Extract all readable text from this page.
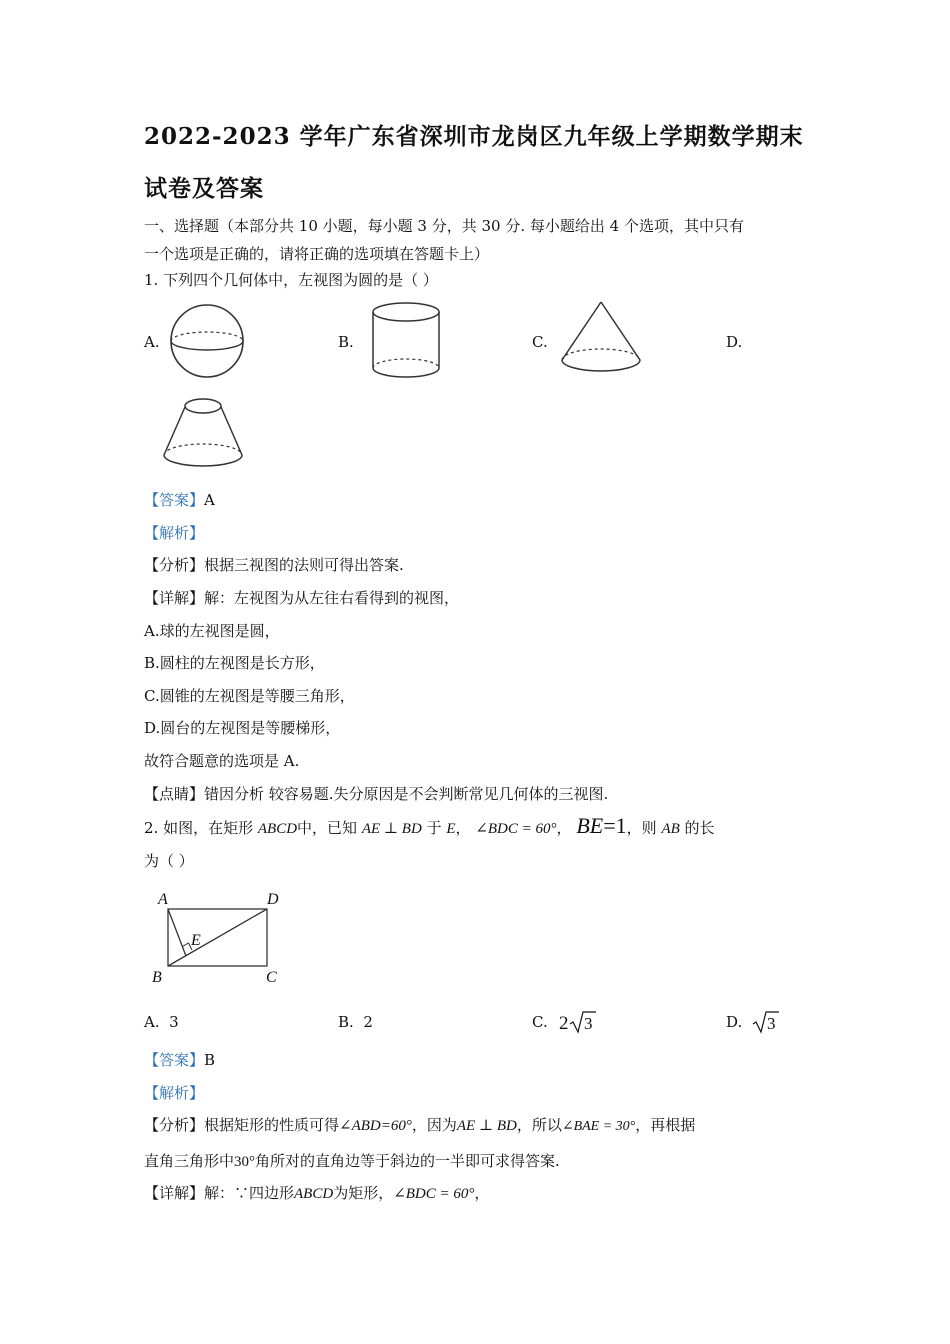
2022-2023 学年广东省深圳市龙岗区九年级上学期数学期末
试卷及答案
一、选择题（本部分共 10 小题，每小题 3 分，共 30 分. 每小题给出 4 个选项，其中只有
一个选项是正确的，请将正确的选项填在答题卡上）
1. 下列四个几何体中，左视图为圆的是（ ）
A.	B.	C.	D.
【答案】A
【解析】
【分析】根据三视图的法则可得出答案.
【详解】解：左视图为从左往右看得到的视图，
A.球的左视图是圆，
B.圆柱的左视图是长方形，
C.圆锥的左视图是等腰三角形，
D.圆台的左视图是等腰梯形，
故符合题意的选项是 A.
【点睛】错因分析 较容易题.失分原因是不会判断常见几何体的三视图.
2. 如图，在矩形 ABCD中，已知 AE ⊥ BD 于 E， ∠BDC = 60°， BE=1，则 AB 的长
为（ ）
A	D
E
B	C
A. 3	B. 2	C. 2 3	D. 3
【答案】B
【解析】
【分析】根据矩形的性质可得∠ABD=60°，因为AE ⊥ BD，所以∠BAE = 30°，再根据
直角三角形中30°角所对的直角边等于斜边的一半即可求得答案.
【详解】解：∵四边形ABCD为矩形，∠BDC = 60°，
